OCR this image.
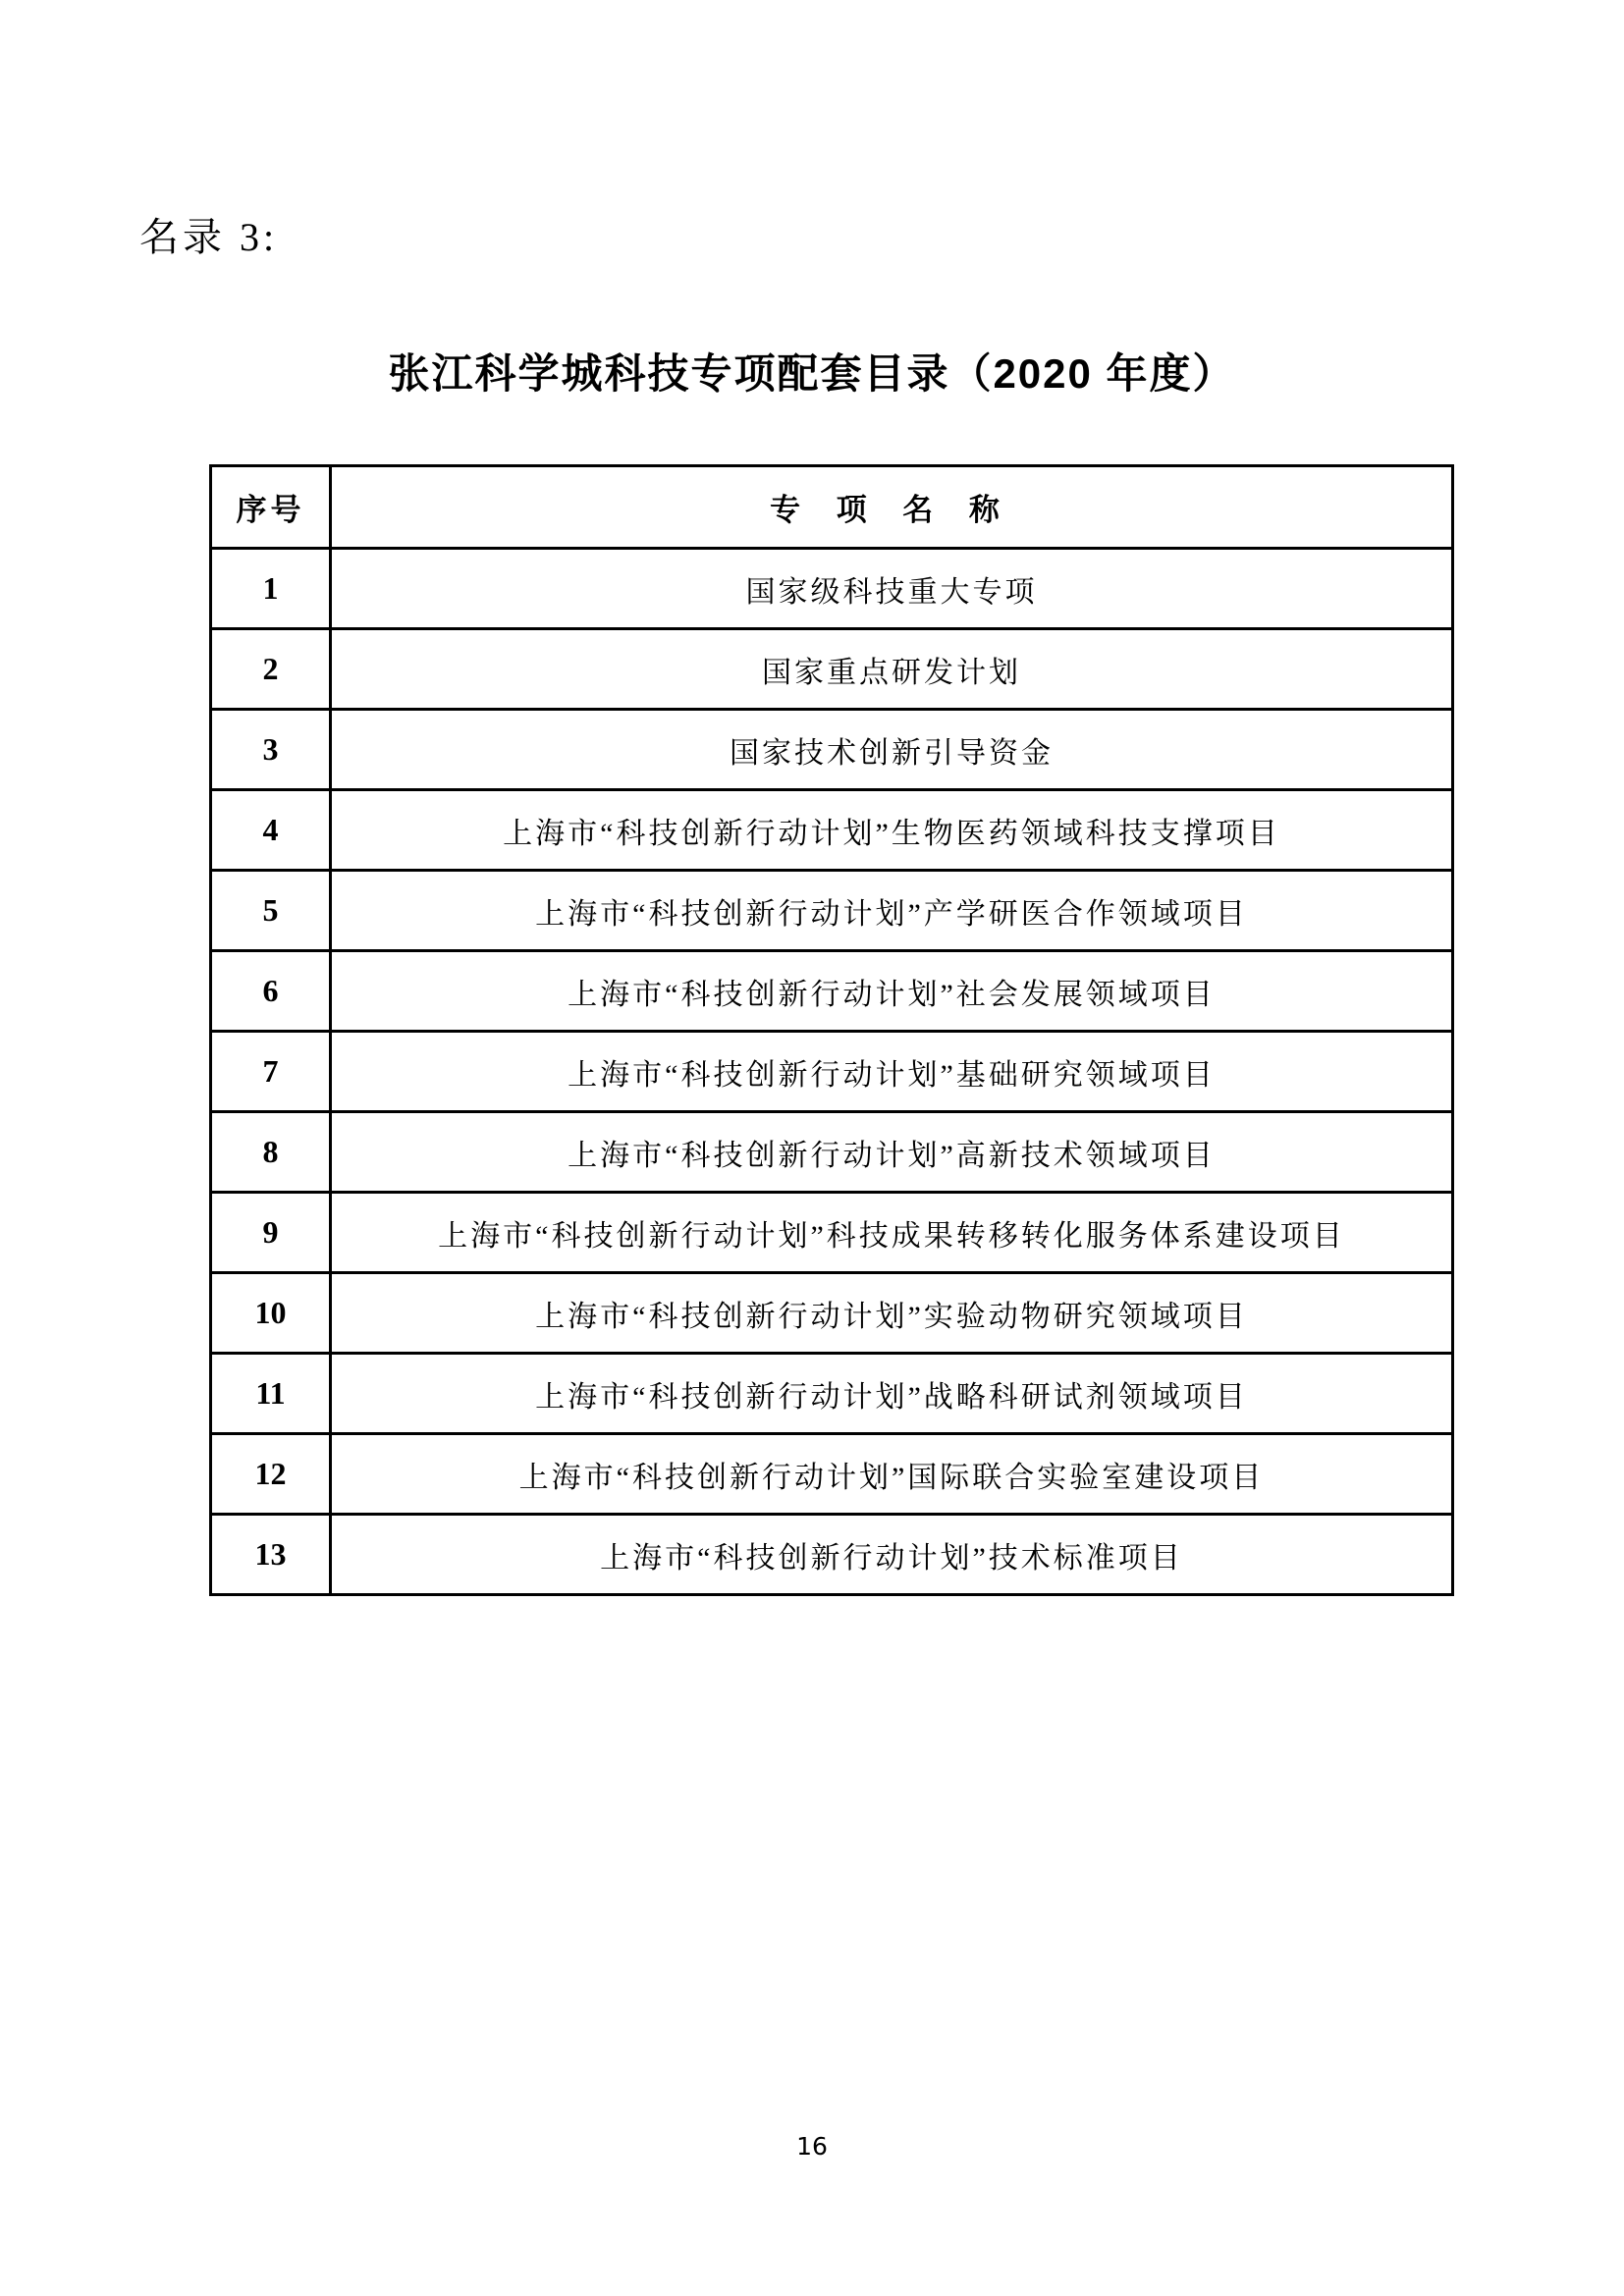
名录 3:
张江科学城科技专项配套目录（2020 年度）
序号	专 项 名 称
1	国家级科技重大专项
2	国家重点研发计划
3	国家技术创新引导资金
4	上海市“科技创新行动计划”生物医药领域科技支撑项目
5	上海市“科技创新行动计划”产学研医合作领域项目
6	上海市“科技创新行动计划”社会发展领域项目
7	上海市“科技创新行动计划”基础研究领域项目
8	上海市“科技创新行动计划”高新技术领域项目
9	上海市“科技创新行动计划”科技成果转移转化服务体系建设项目
10	上海市“科技创新行动计划”实验动物研究领域项目
11	上海市“科技创新行动计划”战略科研试剂领域项目
12	上海市“科技创新行动计划”国际联合实验室建设项目
13	上海市“科技创新行动计划”技术标准项目
16
